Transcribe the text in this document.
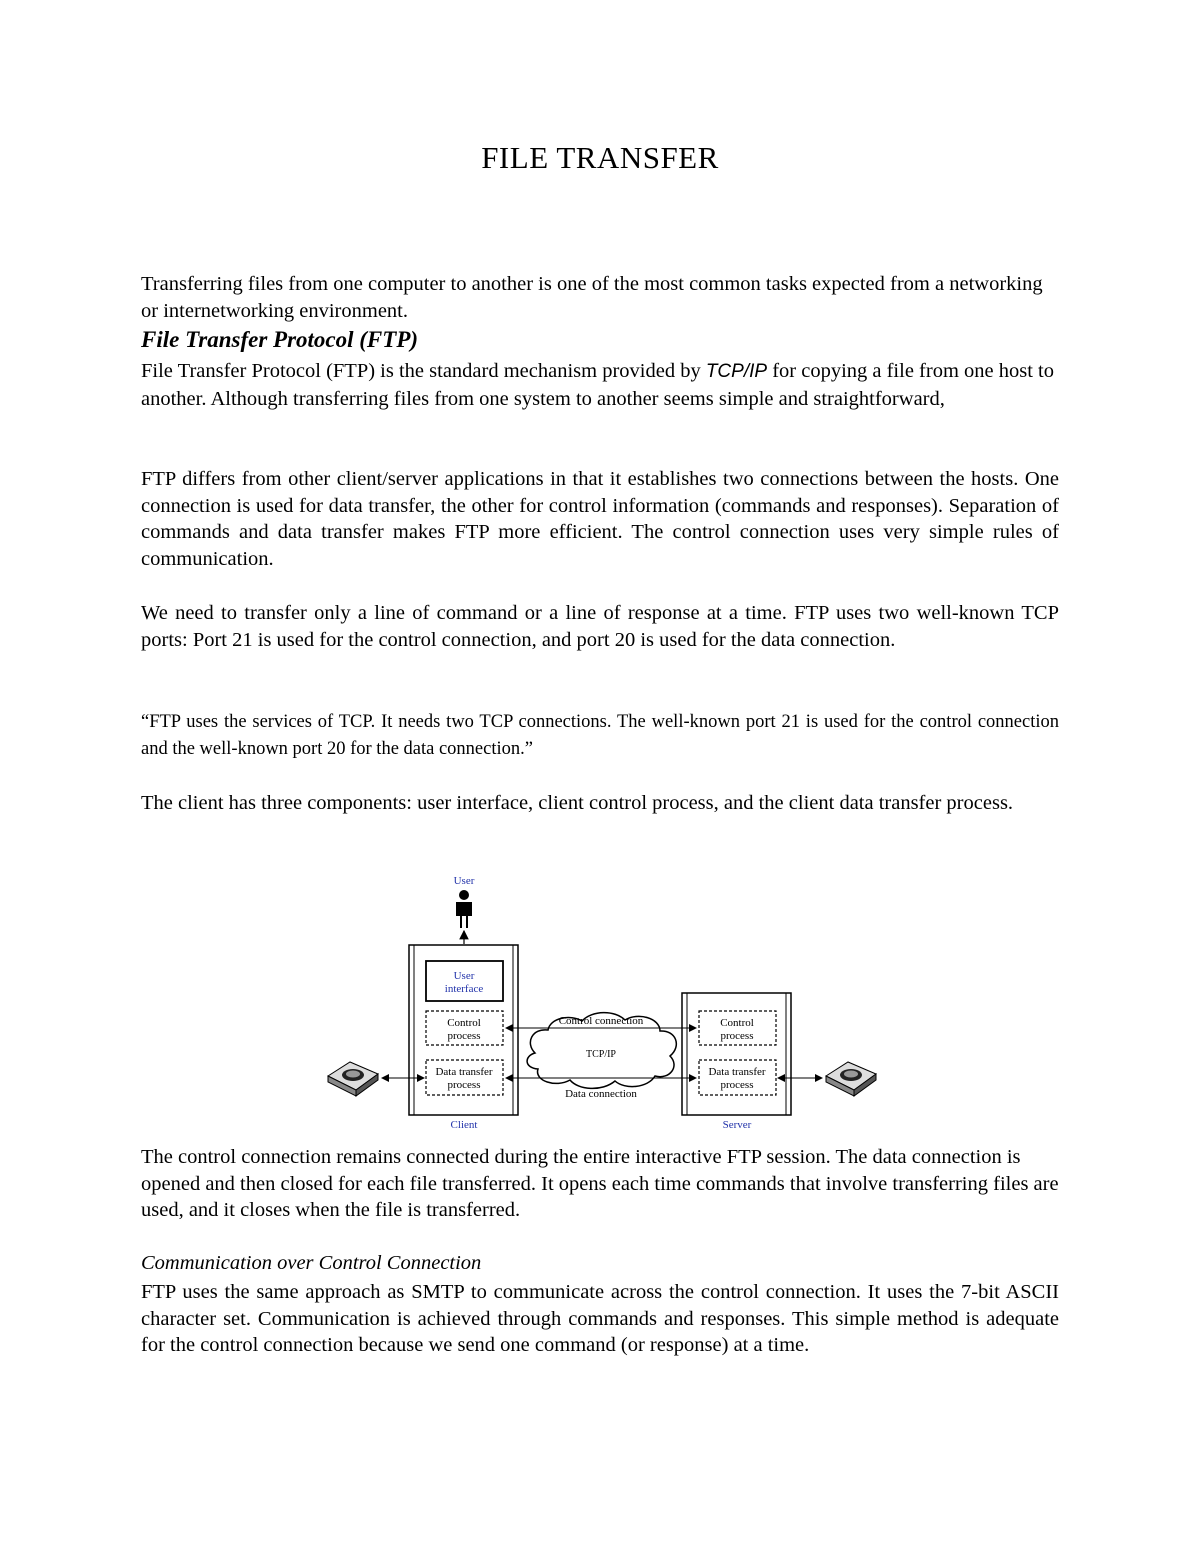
FILE TRANSFER
Transferring files from one computer to another is one of the most common tasks expected from a networking or internetworking environment.
File Transfer Protocol (FTP)
File Transfer Protocol (FTP) is the standard mechanism provided by TCP/IP for copying a file from one host to another. Although transferring files from one system to another seems simple and straightforward,
FTP differs from other client/server applications in that it establishes two connections between the hosts. One connection is used for data transfer, the other for control information (commands and responses). Separation of commands and data transfer makes FTP more efficient. The control connection uses very simple rules of communication.
We need to transfer only a line of command or a line of response at a time. FTP uses two well-known TCP ports: Port 21 is used for the control connection, and port 20 is used for the data connection.
“FTP uses the services of TCP. It needs two TCP connections. The well-known port 21 is used for the control connection and the well-known port 20 for the data connection.”
The client has three components: user interface, client control process, and the client data transfer process.
User
User
interface
Control
process
Data transfer
process
Client
Control
process
Data transfer
process
Server
TCP/IP
Control connection
Data connection
The control connection remains connected during the entire interactive FTP session. The data connection is opened and then closed for each file transferred. It opens each time commands that involve transferring files are used, and it closes when the file is transferred.
Communication over Control Connection
FTP uses the same approach as SMTP to communicate across the control connection. It uses the 7-bit ASCII character set. Communication is achieved through commands and responses. This simple method is adequate for the control connection because we send one command (or response) at a time.
